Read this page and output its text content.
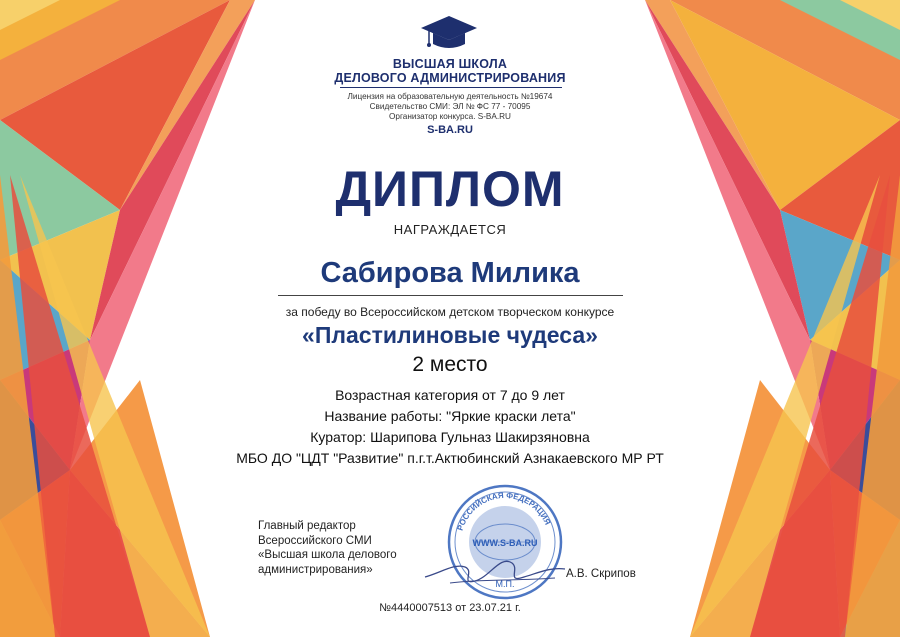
ВЫСШАЯ ШКОЛА
ДЕЛОВОГО АДМИНИСТРИРОВАНИЯ
Лицензия на образовательную деятельность №19674
Свидетельство СМИ: ЭЛ № ФС 77 - 70095
Организатор конкурса. S-BA.RU
S-BA.RU
ДИПЛОМ
НАГРАЖДАЕТСЯ
Сабирова Милика
за победу во Всероссийском детском творческом конкурсе
«Пластилиновые чудеса»
2 место
Возрастная категория от 7 до 9 лет
Название работы: "Яркие краски лета"
Куратор: Шарипова Гульназ Шакирзяновна
МБО ДО "ЦДТ "Развитие" п.г.т.Актюбинский Азнакаевского МР РТ
Главный редактор
Всероссийского СМИ
«Высшая школа делового
администрирования»
РОССИЙСКАЯ ФЕДЕРАЦИЯ
WWW.S-BA.RU
М.П.
А.В. Скрипов
№4440007513 от 23.07.21 г.
